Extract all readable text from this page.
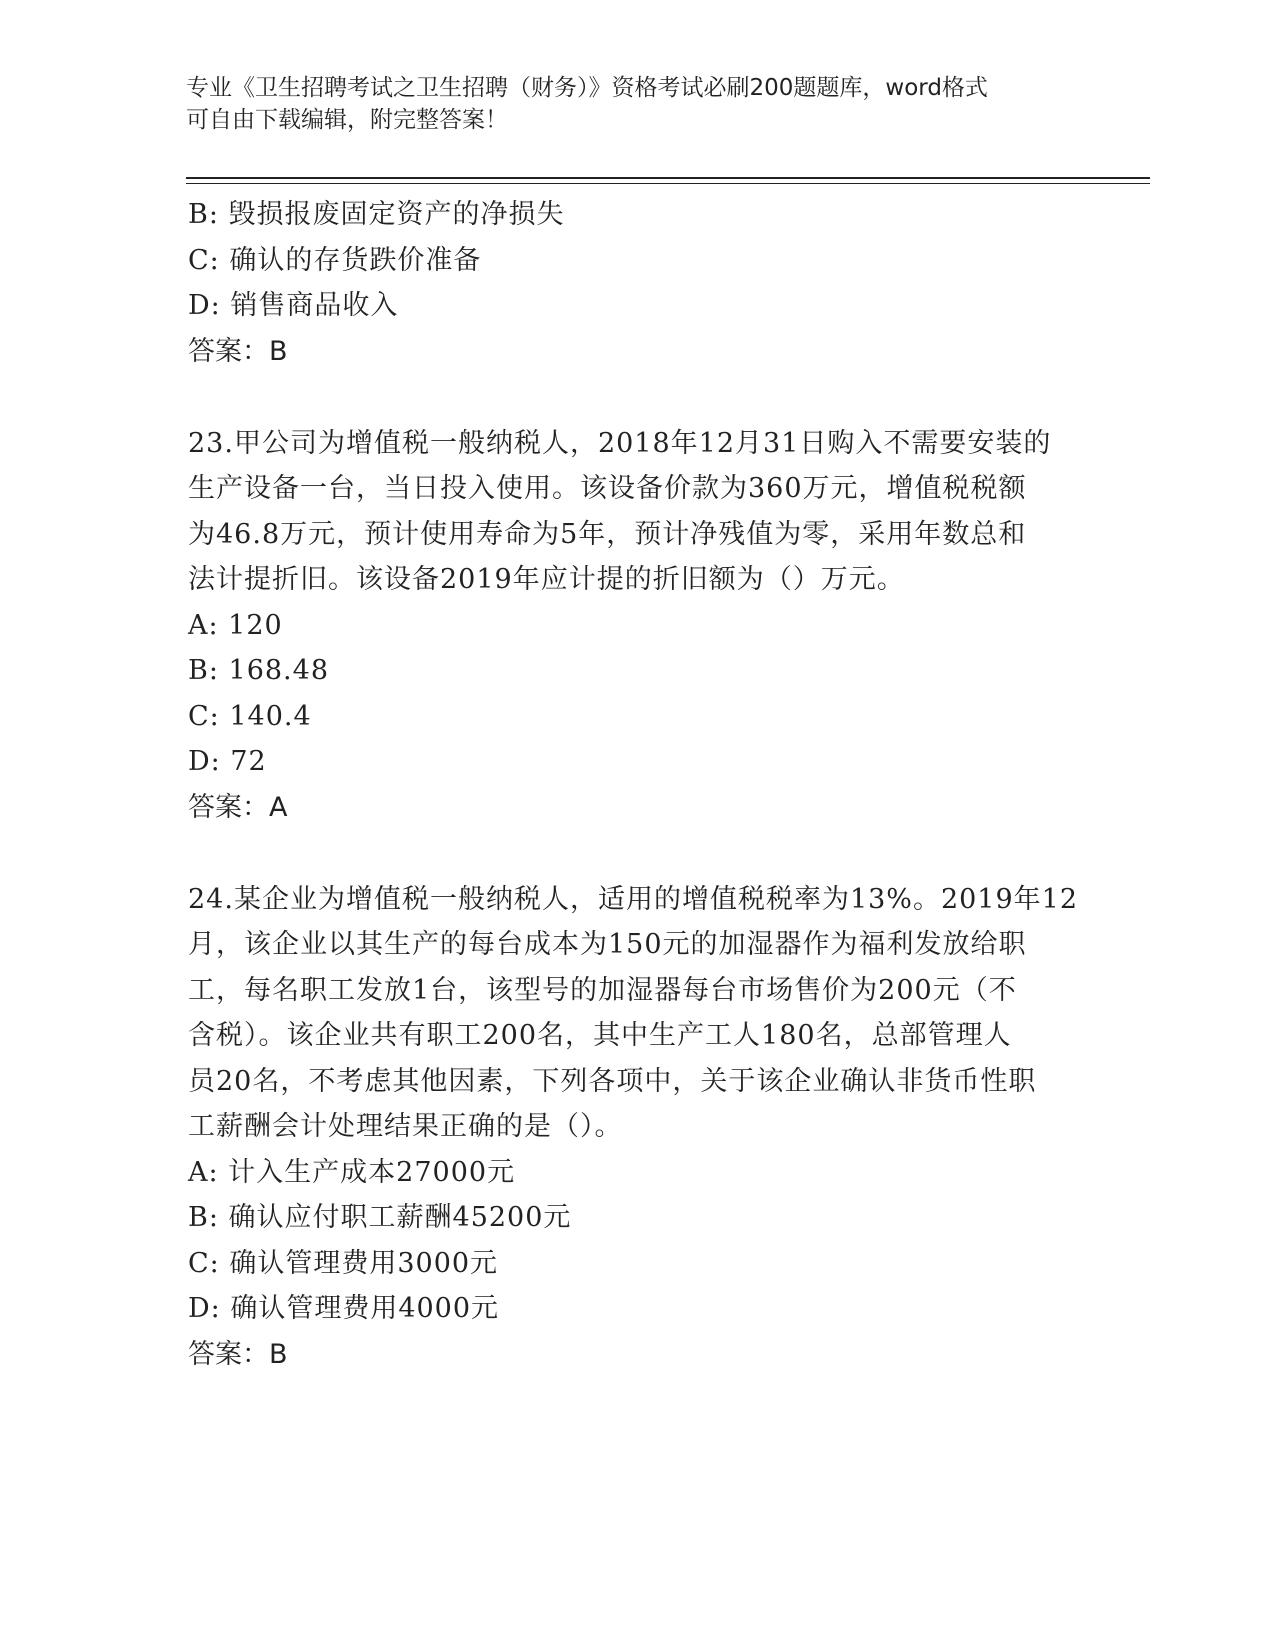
专业《卫生招聘考试之卫生招聘（财务）》资格考试必刷200题题库，word格式
可自由下载编辑，附完整答案！
B: 毁损报废固定资产的净损失
C: 确认的存货跌价准备
D: 销售商品收入
答案：B
23.甲公司为增值税一般纳税人，2018年12月31日购入不需要安装的
生产设备一台，当日投入使用。该设备价款为360万元，增值税税额
为46.8万元，预计使用寿命为5年，预计净残值为零，采用年数总和
法计提折旧。该设备2019年应计提的折旧额为（）万元。
A: 120
B: 168.48
C: 140.4
D: 72
答案：A
24.某企业为增值税一般纳税人，适用的增值税税率为13%。2019年12
月，该企业以其生产的每台成本为150元的加湿器作为福利发放给职
工，每名职工发放1台，该型号的加湿器每台市场售价为200元（不
含税）。该企业共有职工200名，其中生产工人180名，总部管理人
员20名，不考虑其他因素，下列各项中，关于该企业确认非货币性职
工薪酬会计处理结果正确的是（）。
A: 计入生产成本27000元
B: 确认应付职工薪酬45200元
C: 确认管理费用3000元
D: 确认管理费用4000元
答案：B
